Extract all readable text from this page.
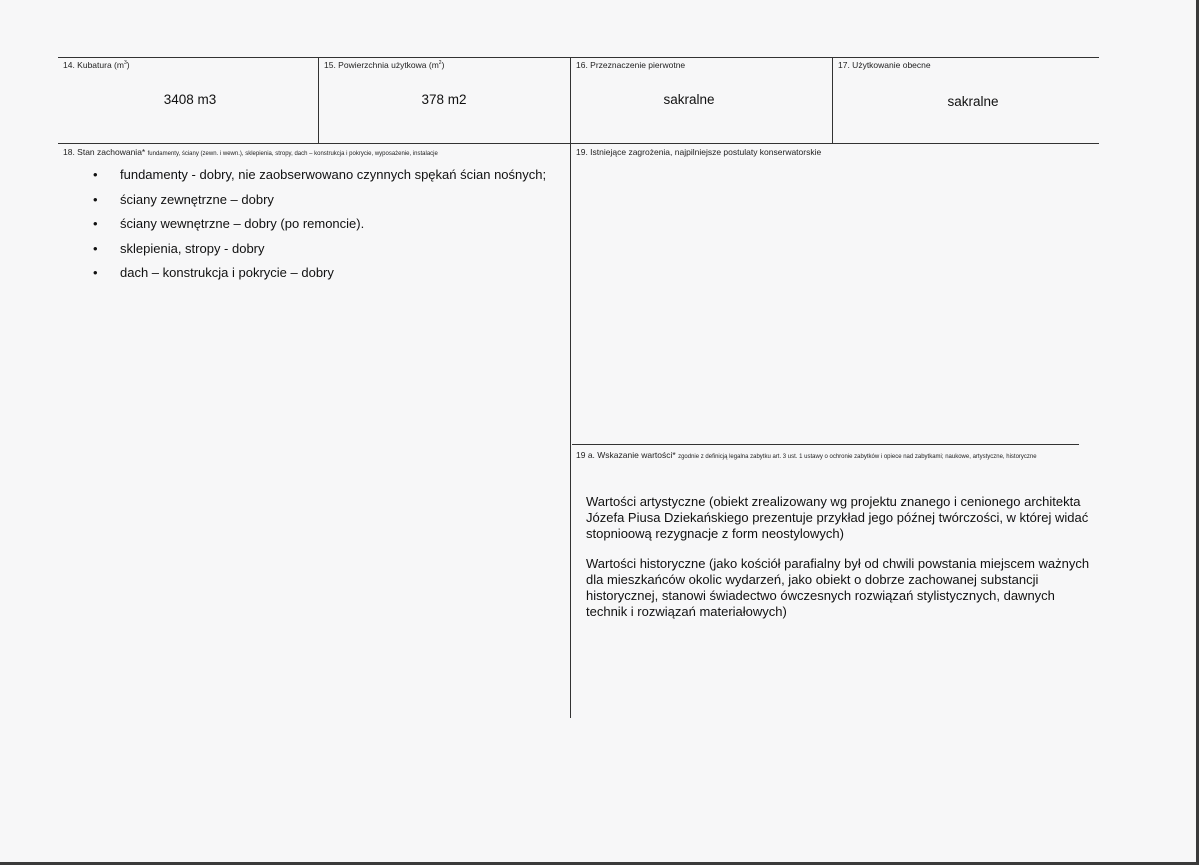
14. Kubatura $(m^3)$	15. Powierzchnia użytkowa $(m^2)$	16. Przeznaczenie pierwotne	17. Użytkowanie obecne
3408 m3	378 m2	sakralne	sakralne
18. Stan zachowania* fundamenty, ściany (zewn. i wewn.), sklepienia, stropy, dach – konstrukcja i pokrycie, wyposażenie, instalacje
• fundamenty - dobry, nie zaobserwowano czynnych spękań ścian nośnych;
• ściany zewnętrzne – dobry
• ściany wewnętrzne – dobry (po remoncie).
• sklepienia, stropy - dobry
• dach – konstrukcja i pokrycie – dobry
19. Istniejące zagrożenia, najpilniejsze postulaty konserwatorskie
19 a. Wskazanie wartości* zgodnie z definicją legalna zabytku art. 3 ust. 1 ustawy o ochronie zabytków i opiece nad zabytkami; naukowe, artystyczne, historyczne

Wartości artystyczne (obiekt zrealizowany wg projektu znanego i cenionego architekta Józefa Piusa Dziekańskiego prezentuje przykład jego późnej twórczości, w której widać stopnioową rezygnacje z form neostylowych)

Wartości historyczne (jako kościół parafialny był od chwili powstania miejscem ważnych dla mieszkańców okolic wydarzeń, jako obiekt o dobrze zachowanej substancji historycznej, stanowi świadectwo ówczesnych rozwiązań stylistycznych, dawnych technik i rozwiązań materiałowych)
